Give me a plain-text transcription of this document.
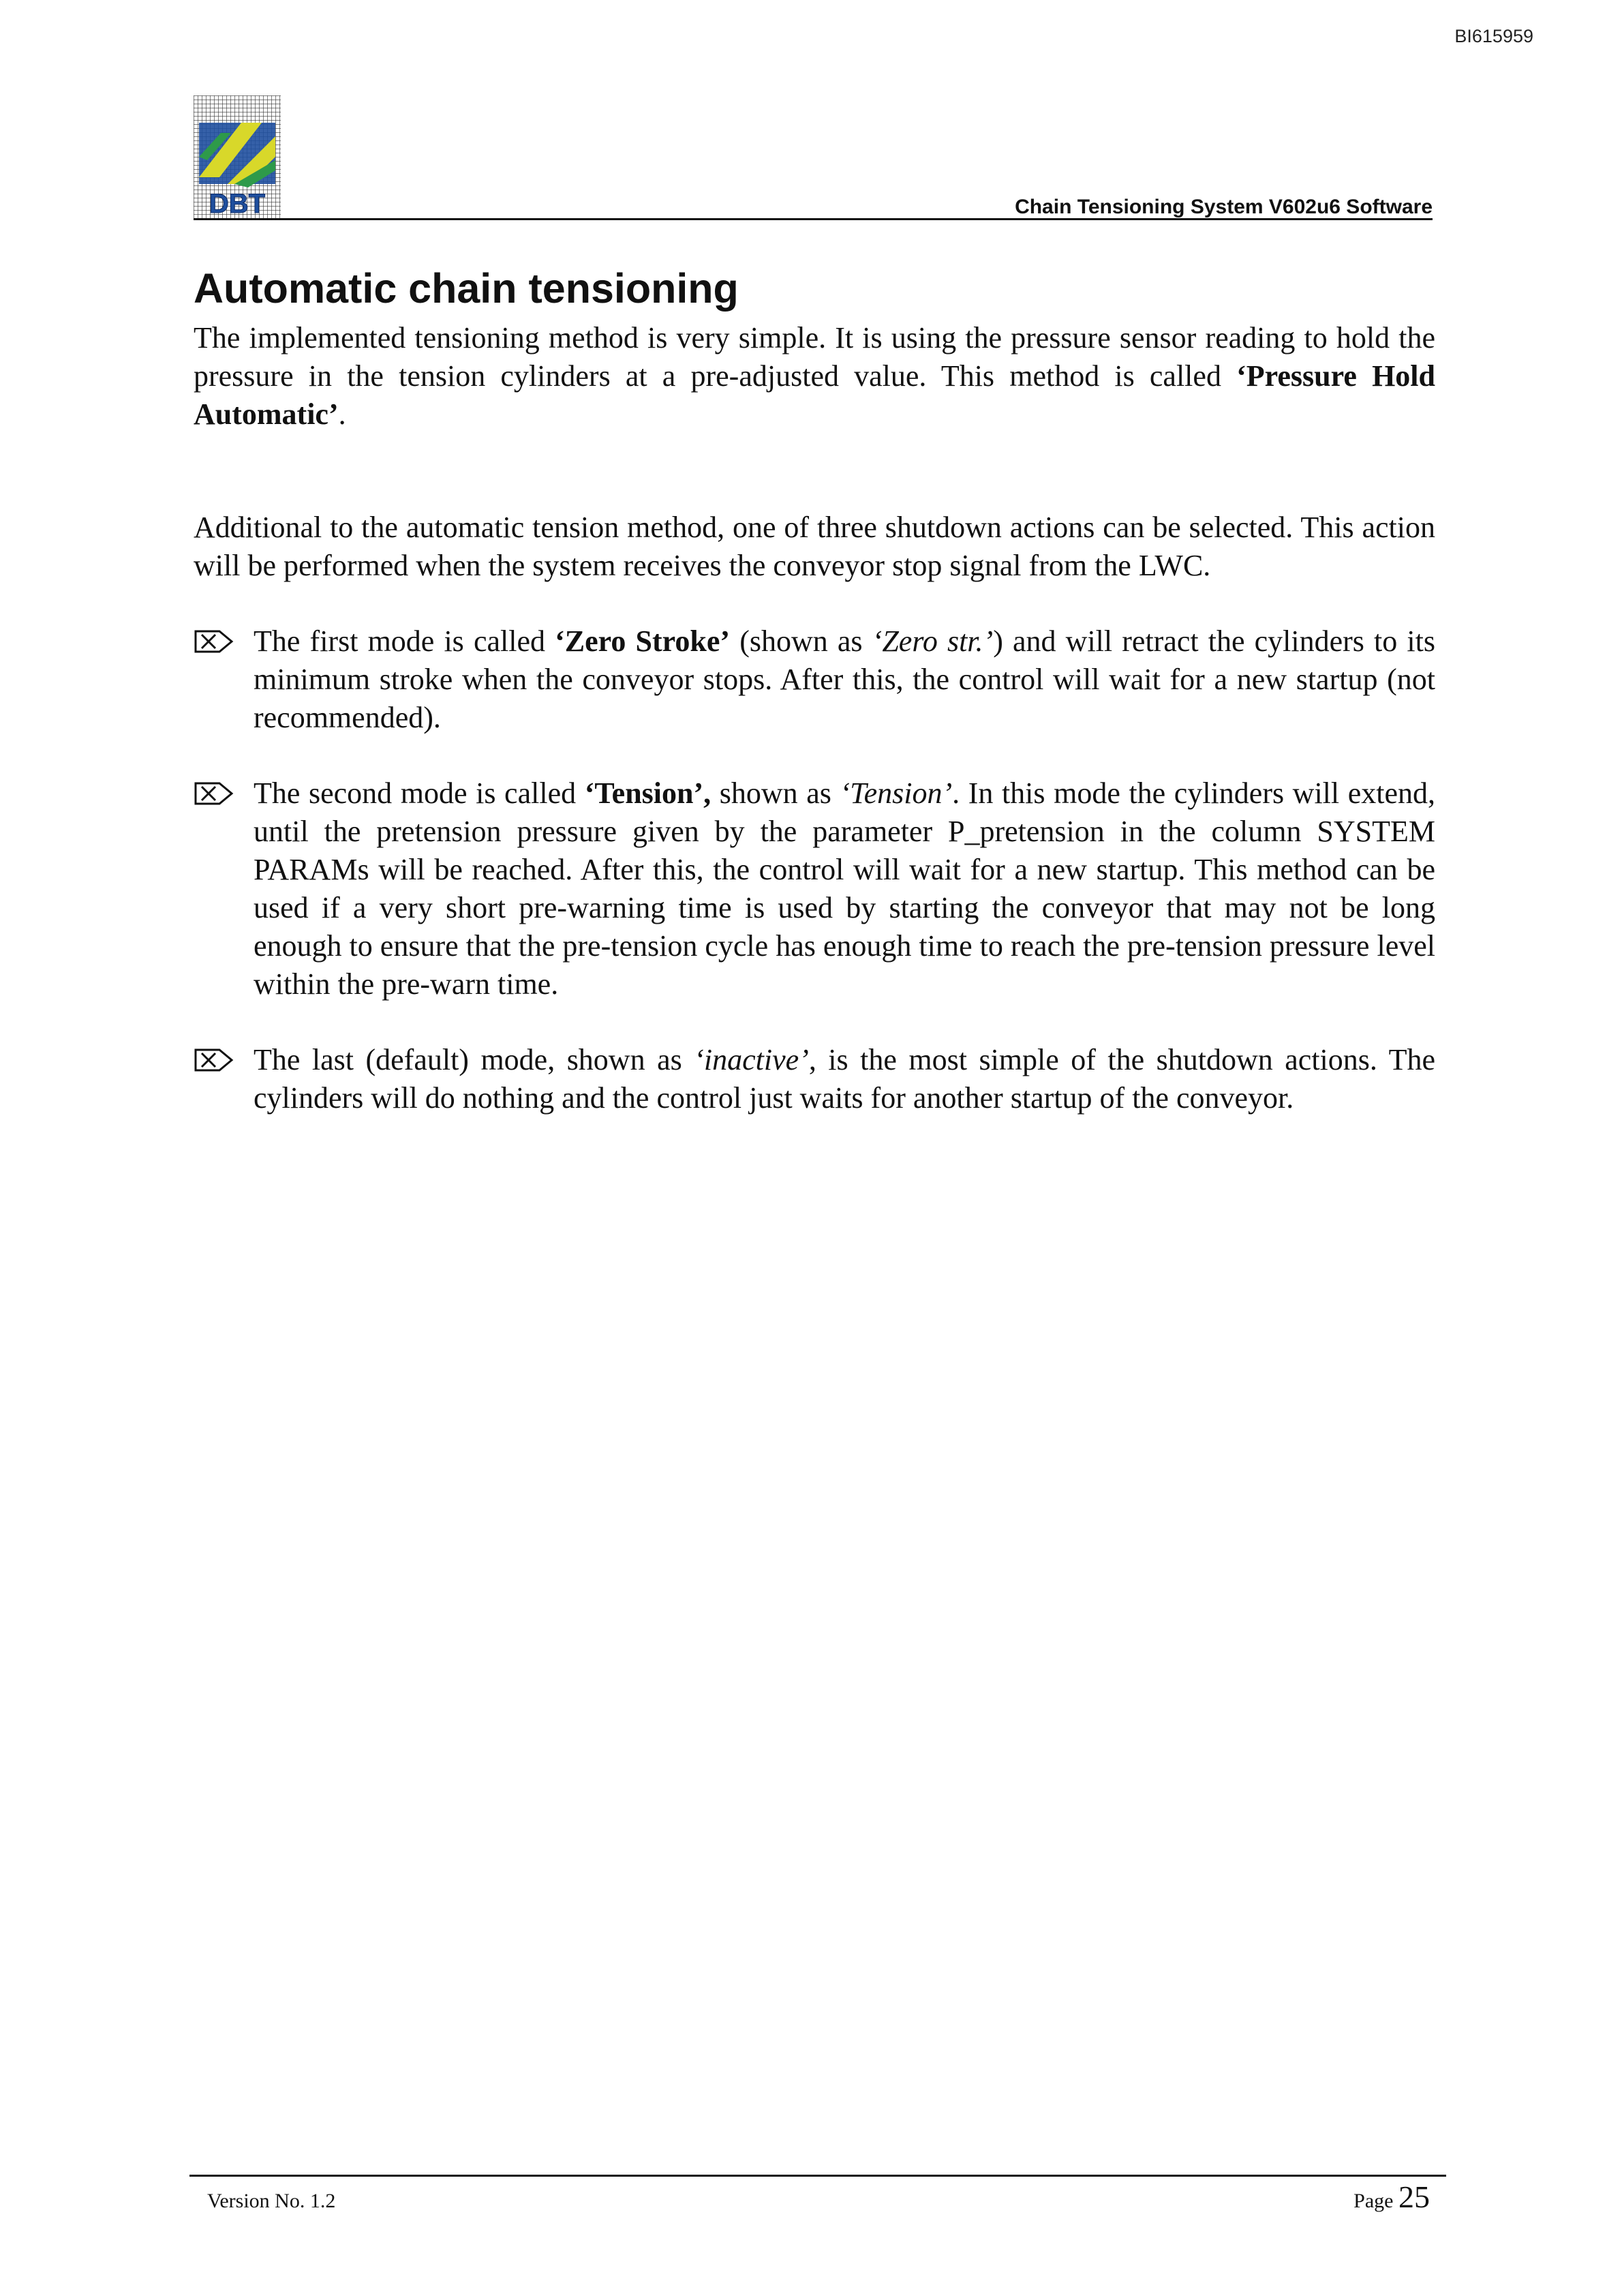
BI615959
DBT	Chain Tensioning System V602u6 Software
Automatic chain tensioning

The implemented tensioning method is very simple. It is using the pressure sensor reading to hold the pressure in the tension cylinders at a pre-adjusted value. This method is called ‘Pressure Hold Automatic’.

Additional to the automatic tension method, one of three shutdown actions can be selected. This action will be performed when the system receives the conveyor stop signal from the LWC.

The first mode is called ‘Zero Stroke’ (shown as ‘Zero str.’) and will retract the cylinders to its minimum stroke when the conveyor stops. After this, the control will wait for a new startup (not recommended).
The second mode is called ‘Tension’, shown as ‘Tension’. In this mode the cylinders will extend, until the pretension pressure given by the parameter P_pretension in the column SYSTEM PARAMs will be reached. After this, the control will wait for a new startup. This method can be used if a very short pre-warning time is used by starting the conveyor that may not be long enough to ensure that the pre-tension cycle has enough time to reach the pre-tension pressure level within the pre-warn time.
The last (default) mode, shown as ‘inactive’, is the most simple of the shutdown actions. The cylinders will do nothing and the control just waits for another startup of the conveyor.
Version No. 1.2	Page 25
